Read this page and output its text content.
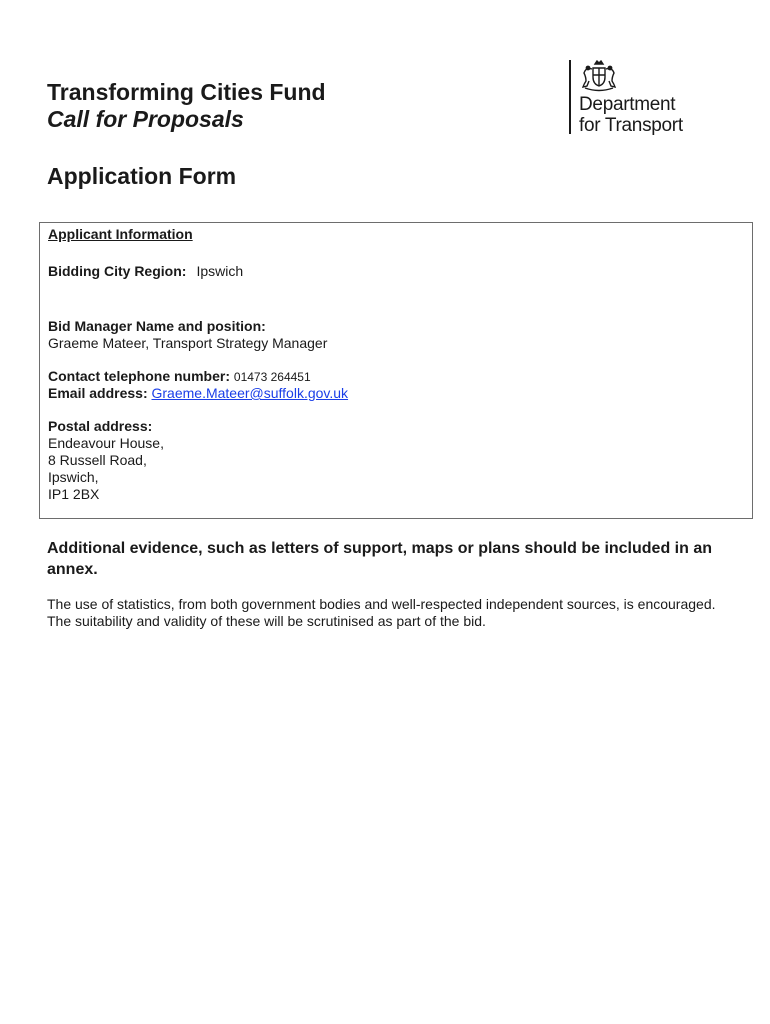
Transforming Cities Fund
Call for Proposals
Application Form
Department
for Transport
Applicant Information
Bidding City Region: Ipswich
Bid Manager Name and position:
Graeme Mateer, Transport Strategy Manager
Contact telephone number: 01473 264451
Email address: Graeme.Mateer@suffolk.gov.uk
Postal address:
Endeavour House,
8 Russell Road,
Ipswich,
IP1 2BX

Additional evidence, such as letters of support, maps or plans should be included in an annex.

The use of statistics, from both government bodies and well-respected independent sources, is encouraged. The suitability and validity of these will be scrutinised as part of the bid.
